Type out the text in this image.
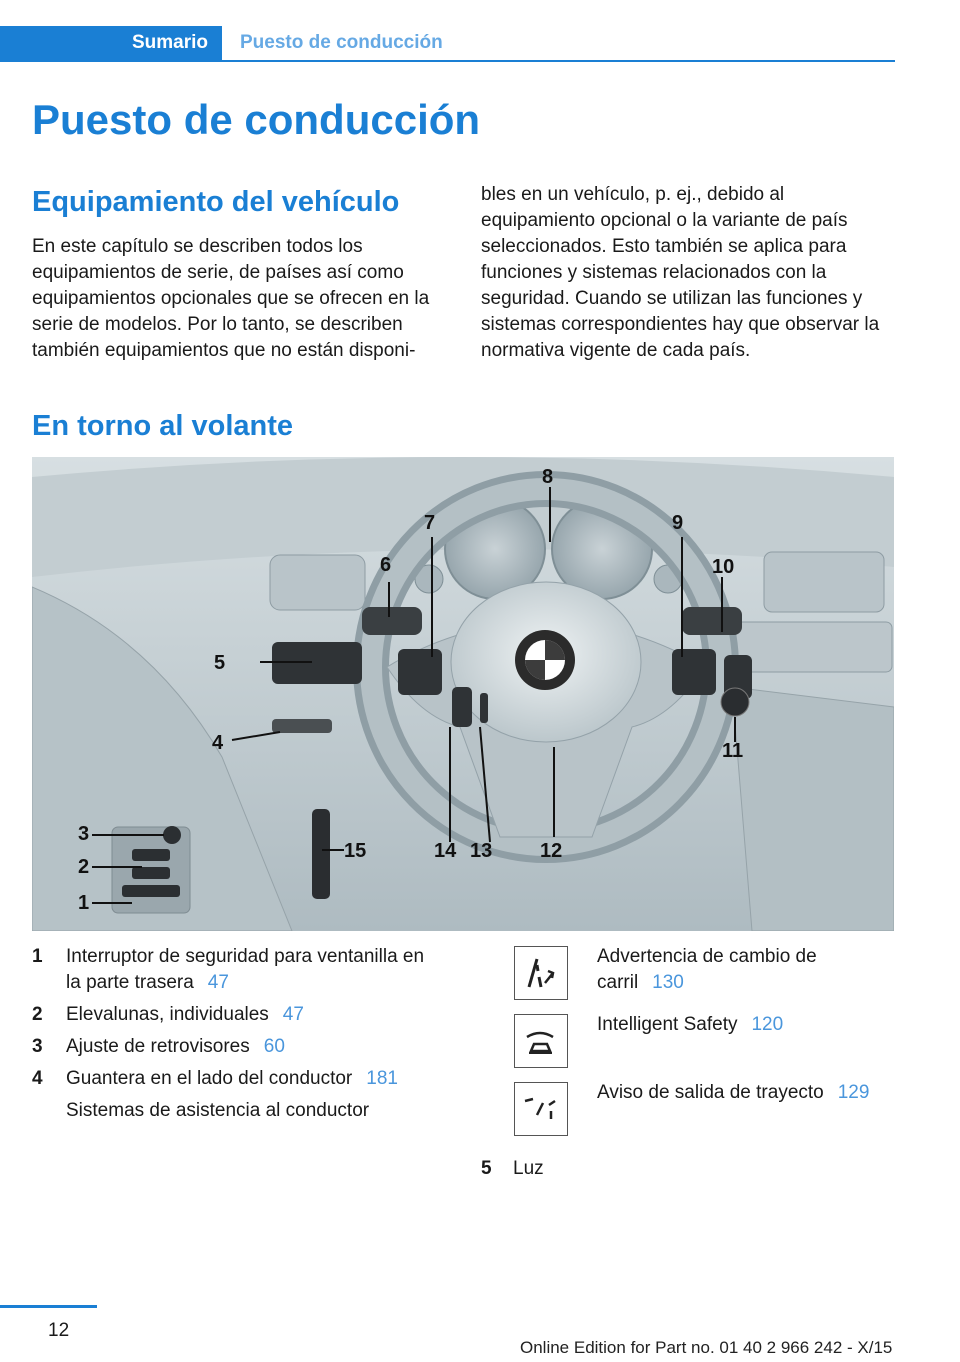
Sumario	Puesto de conducción
Puesto de conducción
Equipamiento del vehículo

En este capítulo se describen todos los equipamientos de serie, de países así como equipamientos opcionales que se ofrecen en la serie de modelos. Por lo tanto, se describen también equipamientos que no están disponi-

bles en un vehículo, p. ej., debido al equipamiento opcional o la variante de país seleccionados. Esto también se aplica para funciones y sistemas relacionados con la seguridad. Cuando se utilizan las funciones y sistemas correspondientes hay que observar la normativa vigente de cada país.

En torno al volante
8
7	9
6	10
5
4	11
12
13
14
15
3
2
1
1 Interruptor de seguridad para ventanilla en la parte trasera 47
2 Elevalunas, individuales 47
3 Ajuste de retrovisores 60
4 Guantera en el lado del conductor 181
Sistemas de asistencia al conductor
Advertencia de cambio de carril 130
Intelligent Safety 120
Aviso de salida de trayecto 129
5 Luz
12
Online Edition for Part no. 01 40 2 966 242 - X/15
